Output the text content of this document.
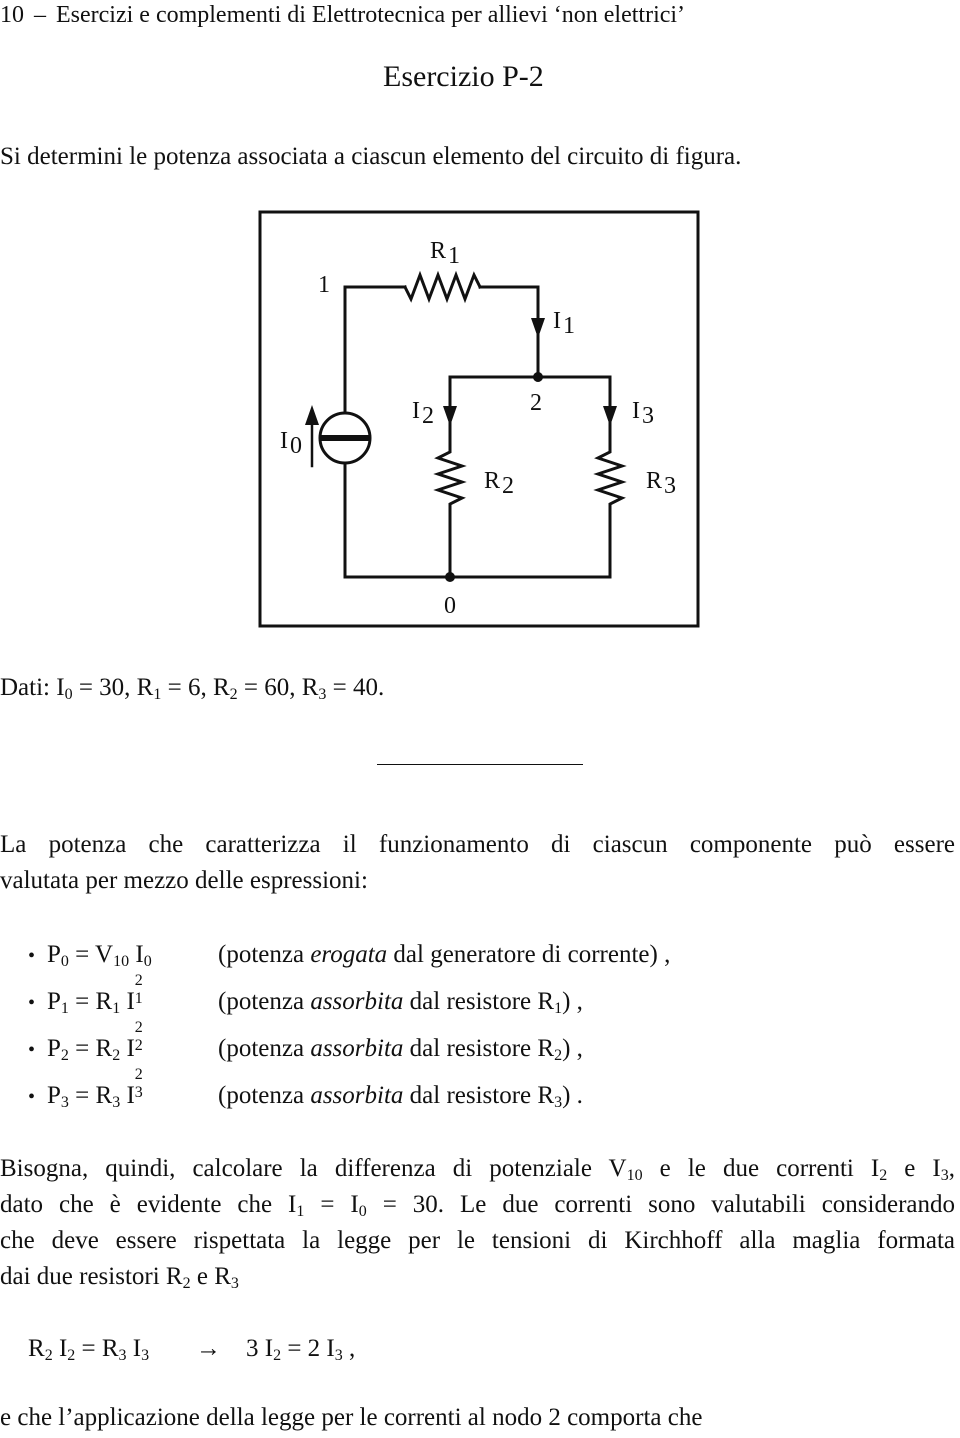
10 – Esercizi e complementi di Elettrotecnica per allievi ‘non elettrici’
Esercizio P-2
Si determini le potenza associata a ciascun elemento del circuito di figura.
1
R1
I1
I0
I2	2	I3
R2	R3
0
Dati: $I_0 = 30$, $R_1 = 6$, $R_2 = 60$, $R_3 = 40$.
La potenza che caratterizza il funzionamento di ciascun componente può essere
valutata per mezzo delle espressioni:
• $P_0 = V_{10}$ $I_0$	(potenza erogata dal generatore di corrente) ,
• $P_1 = R_1$ I
2
1	(potenza assorbita dal resistore $R_1$) ,
• $P_2 = R_2$ I
2
2	(potenza assorbita dal resistore $R_2$) ,
• $P_3 = R_3$ I
2
3	(potenza assorbita dal resistore $R_3$) .
Bisogna, quindi, calcolare la differenza di potenziale $V_{10}$ e le due correnti $I_2$ e $I_3$,
dato che è evidente che $I_1 = I_0 = 30$. Le due correnti sono valutabili considerando
che deve essere rispettata la legge per le tensioni di Kirchhoff alla maglia formata
dai due resistori $R_2$ e $R_3$
$R_2$ $I_2 = R_3$ $I_3 \to 3$ $I_2 = 2$ $I_3$ ,
e che l’applicazione della legge per le correnti al nodo 2 comporta che
